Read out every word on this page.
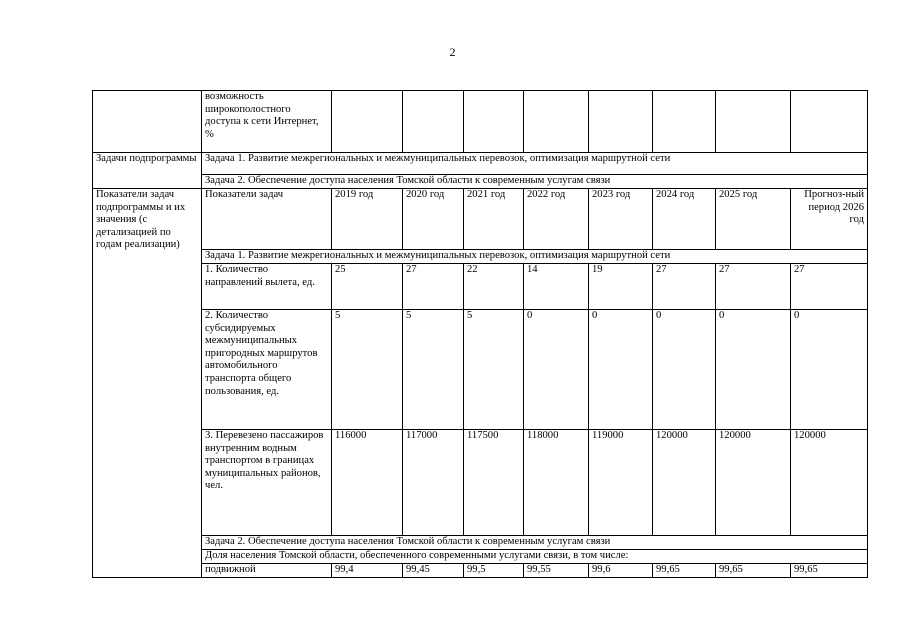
2
	возможность широкополостного доступа к сети Интернет, %								
Задачи подпрограммы	Задача 1. Развитие межрегиональных и межмуниципальных перевозок, оптимизация маршрутной сети								
	Задача 2. Обеспечение доступа населения Томской области к современным услугам связи								
Показатели задач подпрограммы и их значения (с детализацией по годам реализации)	Показатели задач	2019 год	2020 год	2021 год	2022 год	2023 год	2024 год	2025 год	Прогноз-ный период 2026 год
	Задача 1. Развитие межрегиональных и межмуниципальных перевозок, оптимизация маршрутной сети								
	1. Количество направлений вылета, ед.	25	27	22	14	19	27	27	27
	2. Количество субсидируемых межмуниципальных пригородных маршрутов автомобильного транспорта общего пользования, ед.	5	5	5	0	0	0	0	0
	3. Перевезено пассажиров внутренним водным транспортом в границах муниципальных районов, чел.	116000	117000	117500	118000	119000	120000	120000	120000
	Задача 2. Обеспечение доступа населения Томской области к современным услугам связи								
	Доля населения Томской области, обеспеченного современными услугами связи, в том числе:								
	подвижной	99,4	99,45	99,5	99,55	99,6	99,65	99,65	99,65
